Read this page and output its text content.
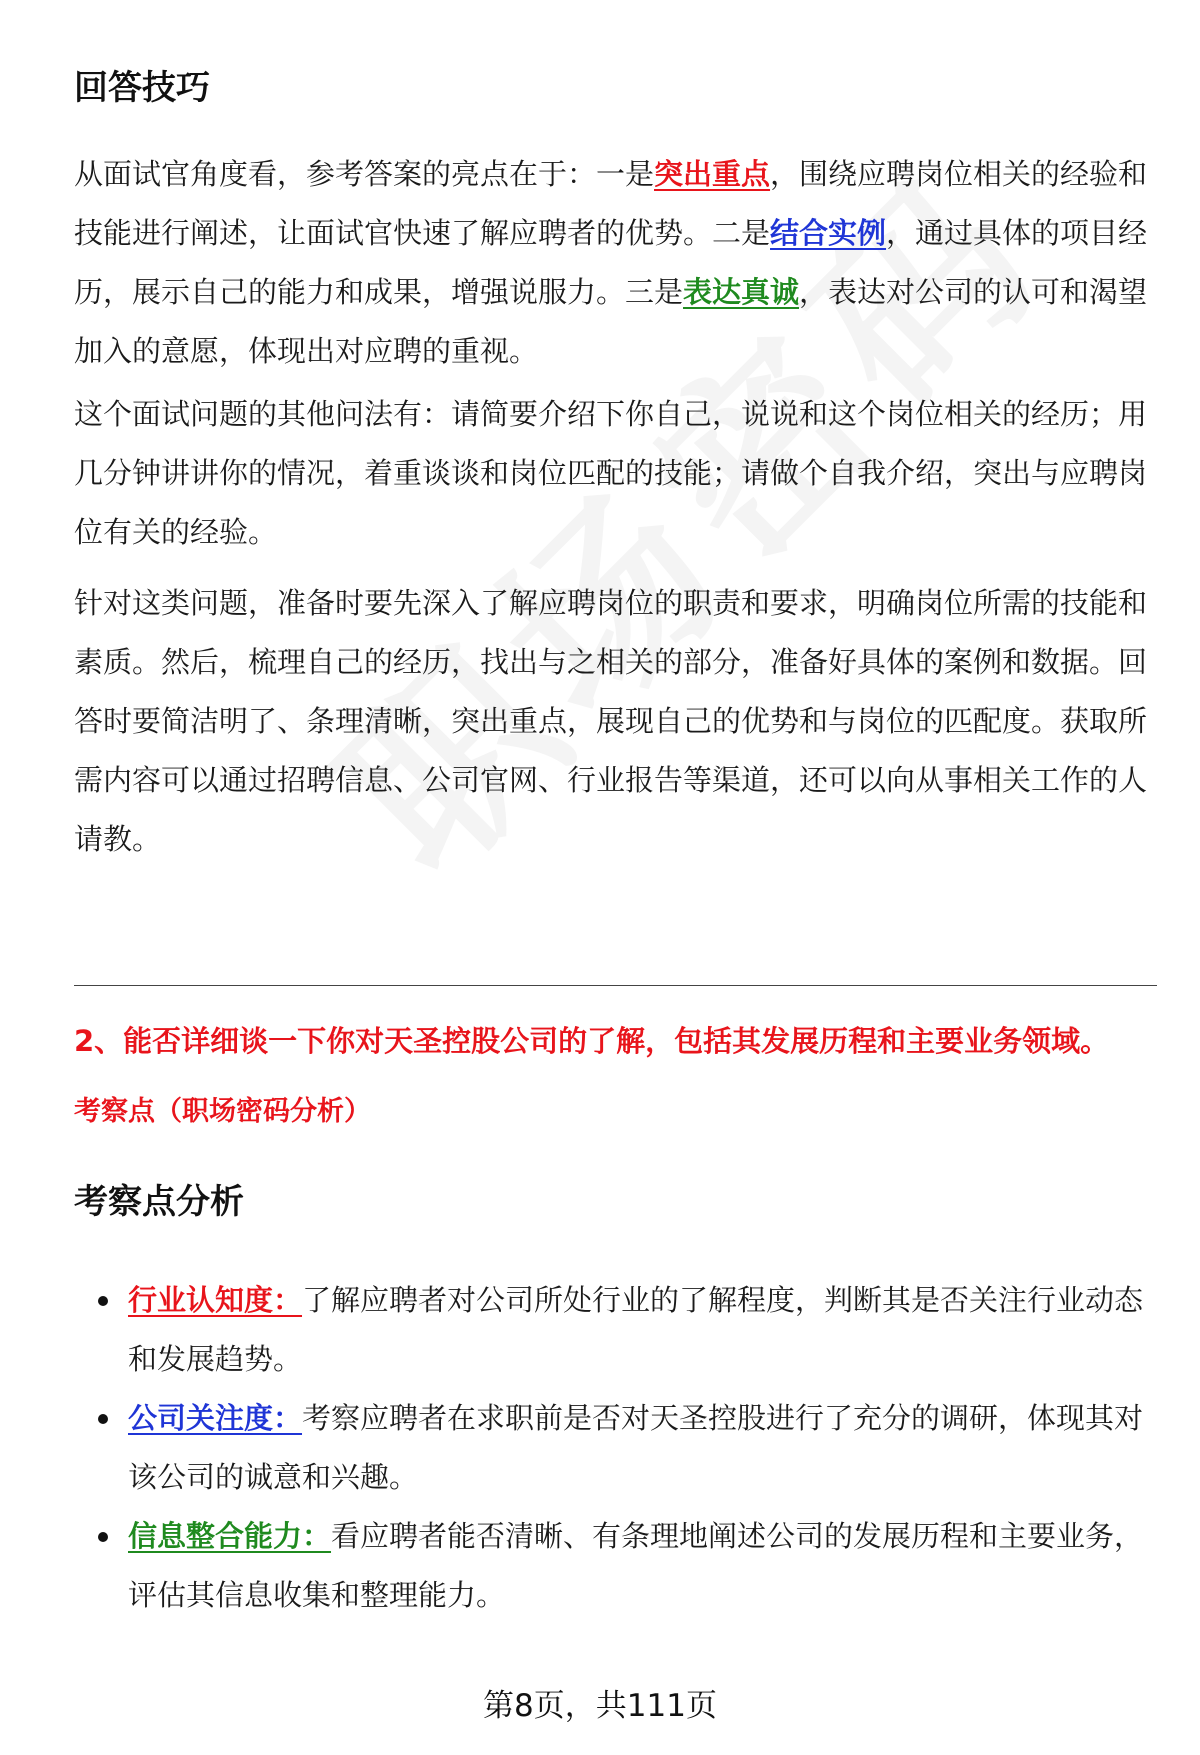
回答技巧

从面试官角度看，参考答案的亮点在于：一是突出重点，围绕应聘岗位相关的经验和技能进行阐述，让面试官快速了解应聘者的优势。二是结合实例，通过具体的项目经历，展示自己的能力和成果，增强说服力。三是表达真诚，表达对公司的认可和渴望加入的意愿，体现出对应聘的重视。

这个面试问题的其他问法有：请简要介绍下你自己，说说和这个岗位相关的经历；用几分钟讲讲你的情况，着重谈谈和岗位匹配的技能；请做个自我介绍，突出与应聘岗位有关的经验。

针对这类问题，准备时要先深入了解应聘岗位的职责和要求，明确岗位所需的技能和素质。然后，梳理自己的经历，找出与之相关的部分，准备好具体的案例和数据。回答时要简洁明了、条理清晰，突出重点，展现自己的优势和与岗位的匹配度。获取所需内容可以通过招聘信息、公司官网、行业报告等渠道，还可以向从事相关工作的人请教。

2、能否详细谈一下你对天圣控股公司的了解，包括其发展历程和主要业务领域。

考察点（职场密码分析）

考察点分析
行业认知度：了解应聘者对公司所处行业的了解程度，判断其是否关注行业动态和发展趋势。
公司关注度：考察应聘者在求职前是否对天圣控股进行了充分的调研，体现其对该公司的诚意和兴趣。
信息整合能力：看应聘者能否清晰、有条理地阐述公司的发展历程和主要业务，评估其信息收集和整理能力。
第8页，共111页
